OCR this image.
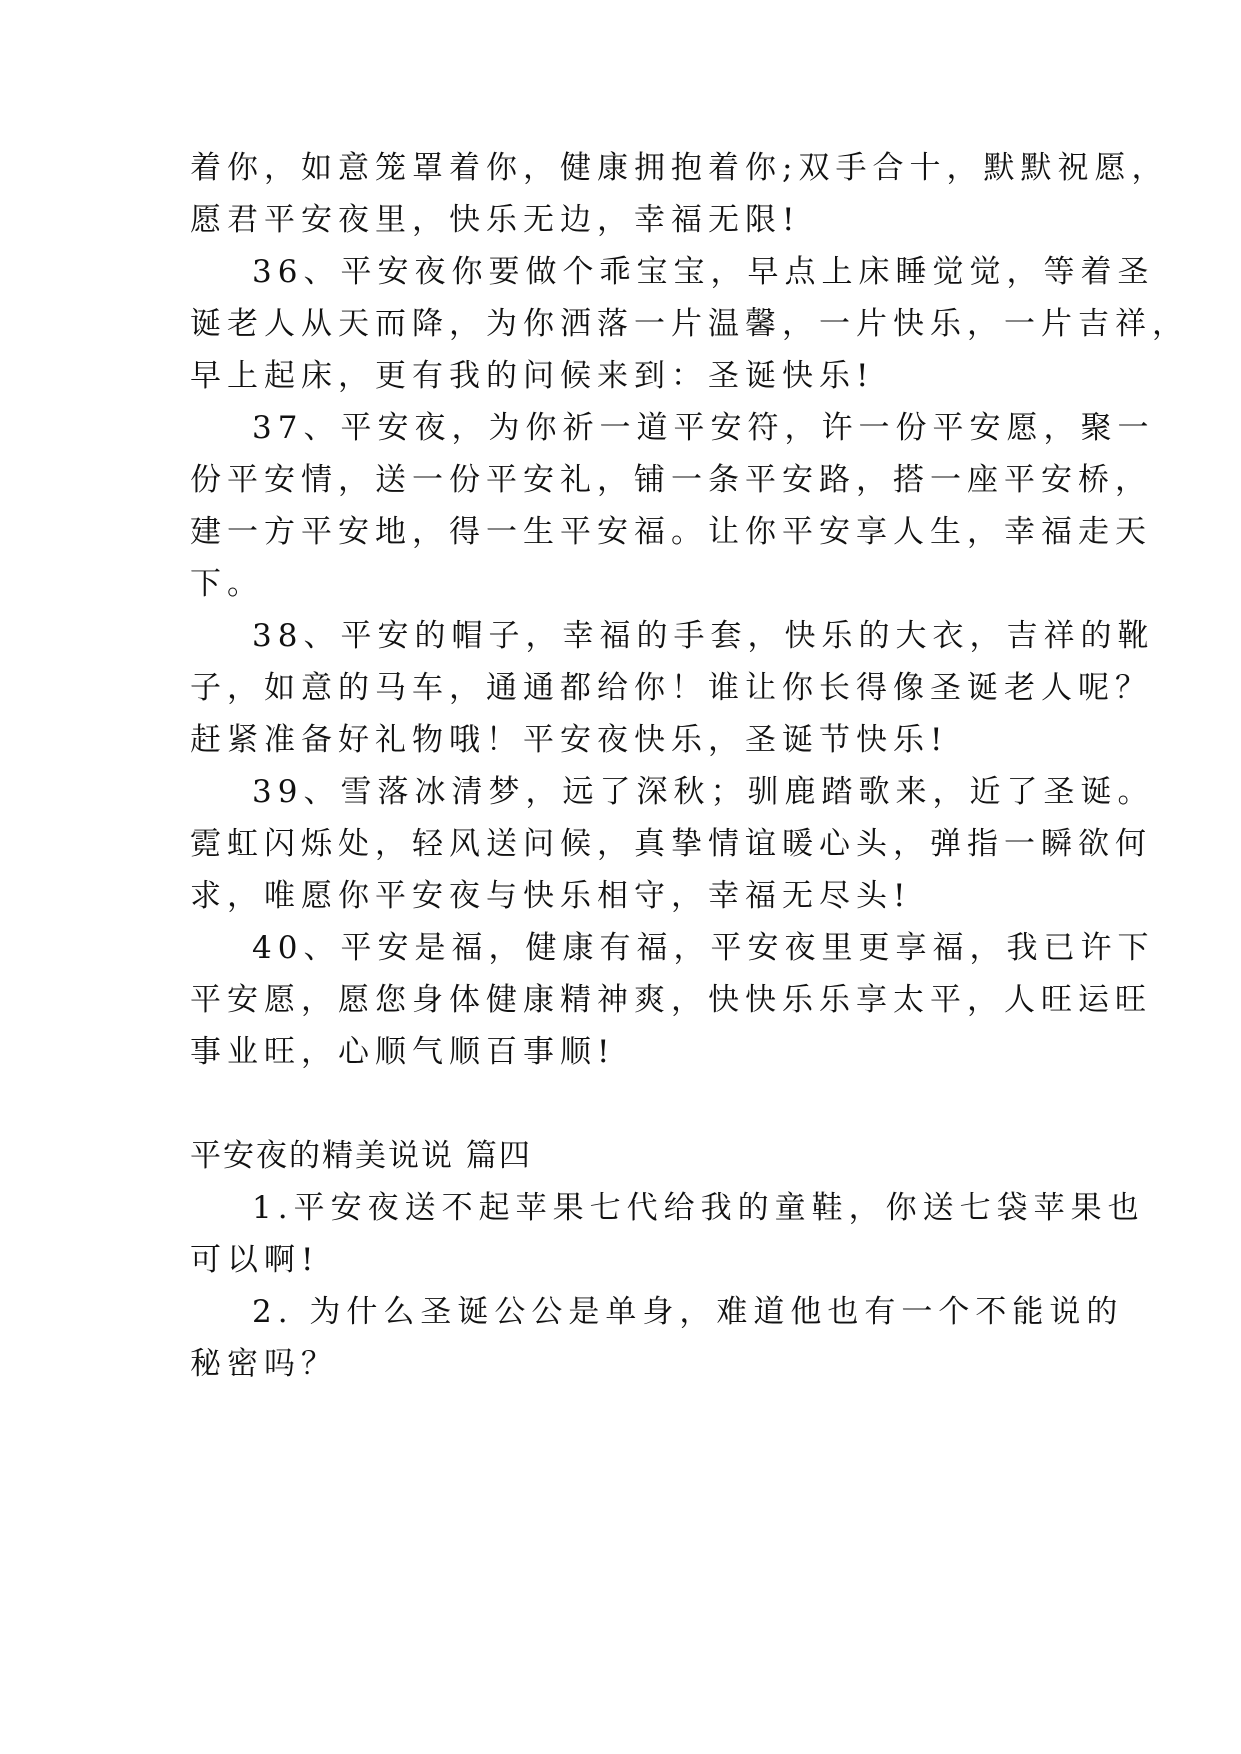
着你，如意笼罩着你，健康拥抱着你;双手合十，默默祝愿，
愿君平安夜里，快乐无边，幸福无限!
36、平安夜你要做个乖宝宝，早点上床睡觉觉，等着圣
诞老人从天而降，为你洒落一片温馨，一片快乐，一片吉祥，
早上起床，更有我的问候来到：圣诞快乐!
37、平安夜，为你祈一道平安符，许一份平安愿，聚一
份平安情，送一份平安礼，铺一条平安路，搭一座平安桥，
建一方平安地，得一生平安福。让你平安享人生，幸福走天
下。
38、平安的帽子，幸福的手套，快乐的大衣，吉祥的靴
子，如意的马车，通通都给你！谁让你长得像圣诞老人呢？
赶紧准备好礼物哦！平安夜快乐，圣诞节快乐!
39、雪落冰清梦，远了深秋；驯鹿踏歌来，近了圣诞。
霓虹闪烁处，轻风送问候，真挚情谊暖心头，弹指一瞬欲何
求，唯愿你平安夜与快乐相守，幸福无尽头!
40、平安是福，健康有福，平安夜里更享福，我已许下
平安愿，愿您身体健康精神爽，快快乐乐享太平，人旺运旺
事业旺，心顺气顺百事顺!
平安夜的精美说说 篇四
1.平安夜送不起苹果七代给我的童鞋，你送七袋苹果也
可以啊!
2. 为什么圣诞公公是单身，难道他也有一个不能说的
秘密吗？
